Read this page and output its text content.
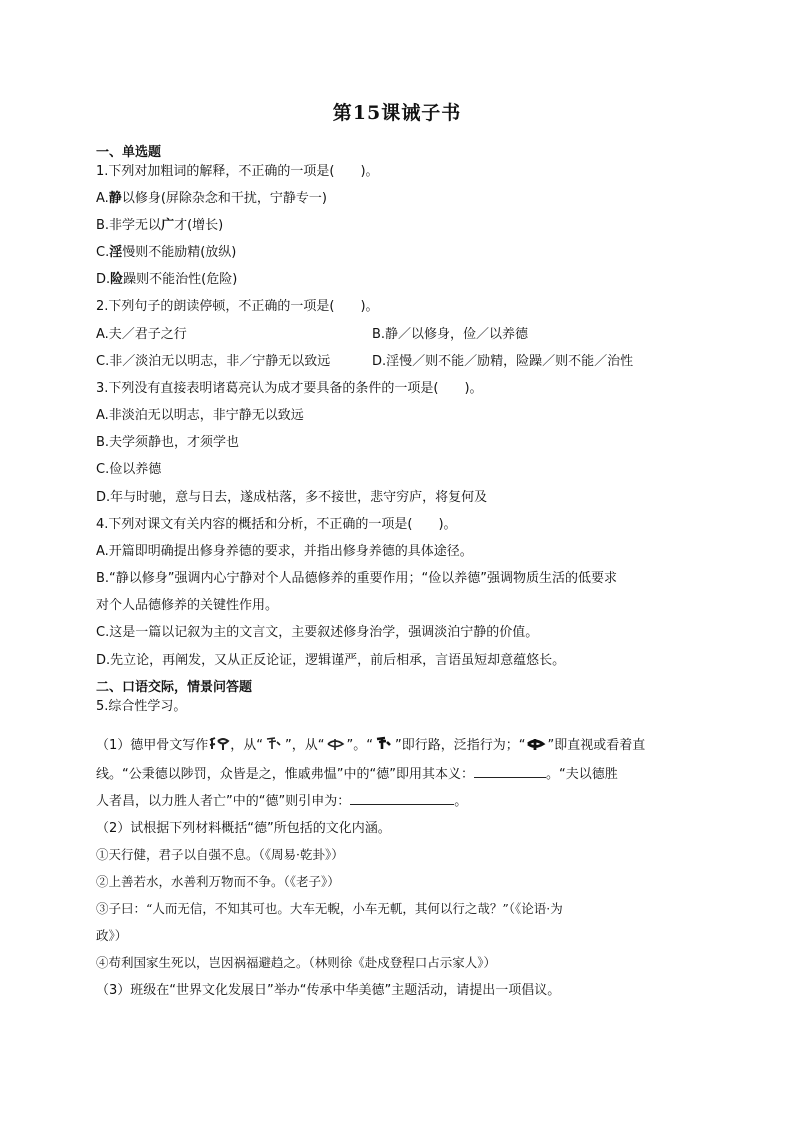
第15课诫子书
一、单选题
1.下列对加粗词的解释，不正确的一项是(　　)。
A.静以修身(屏除杂念和干扰，宁静专一)
B.非学无以广才(增长)
C.淫慢则不能励精(放纵)
D.险躁则不能治性(危险)
2.下列句子的朗读停顿，不正确的一项是(　　)。
A.夫／君子之行	B.静／以修身，俭／以养德
C.非／淡泊无以明志，非／宁静无以致远	D.淫慢／则不能／励精，险躁／则不能／治性
3.下列没有直接表明诸葛亮认为成才要具备的条件的一项是(　　)。
A.非淡泊无以明志，非宁静无以致远
B.夫学须静也，才须学也
C.俭以养德
D.年与时驰，意与日去，遂成枯落，多不接世，悲守穷庐，将复何及
4.下列对课文有关内容的概括和分析，不正确的一项是(　　)。
A.开篇即明确提出修身养德的要求，并指出修身养德的具体途径。
B.“静以修身”强调内心宁静对个人品德修养的重要作用；“俭以养德”强调物质生活的低要求
对个人品德修养的关键性作用。
C.这是一篇以记叙为主的文言文，主要叙述修身治学，强调淡泊宁静的价值。
D.先立论，再阐发，又从正反论证，逻辑谨严，前后相承，言语虽短却意蕴悠长。
二、口语交际，情景问答题
5.综合性学习。
（1）德甲骨文写作 ，从“ ”，从“ ”。“ ”即行路，泛指行为；“ ”即直视或看着直
线。“公秉德以陟罚，众皆是之，惟戚弗愠”中的“德”即用其本义：	。“夫以德胜
人者昌，以力胜人者亡”中的“德”则引申为：	。
（2）试根据下列材料概括“德”所包括的文化内涵。
①天行健，君子以自强不息。（《周易·乾卦》）
②上善若水，水善利万物而不争。（《老子》）
③子曰：“人而无信，不知其可也。大车无輗，小车无軏，其何以行之哉？”（《论语·为
政》）
④苟利国家生死以，岂因祸福避趋之。（林则徐《赴戍登程口占示家人》）
（3）班级在“世界文化发展日”举办“传承中华美德”主题活动，请提出一项倡议。
